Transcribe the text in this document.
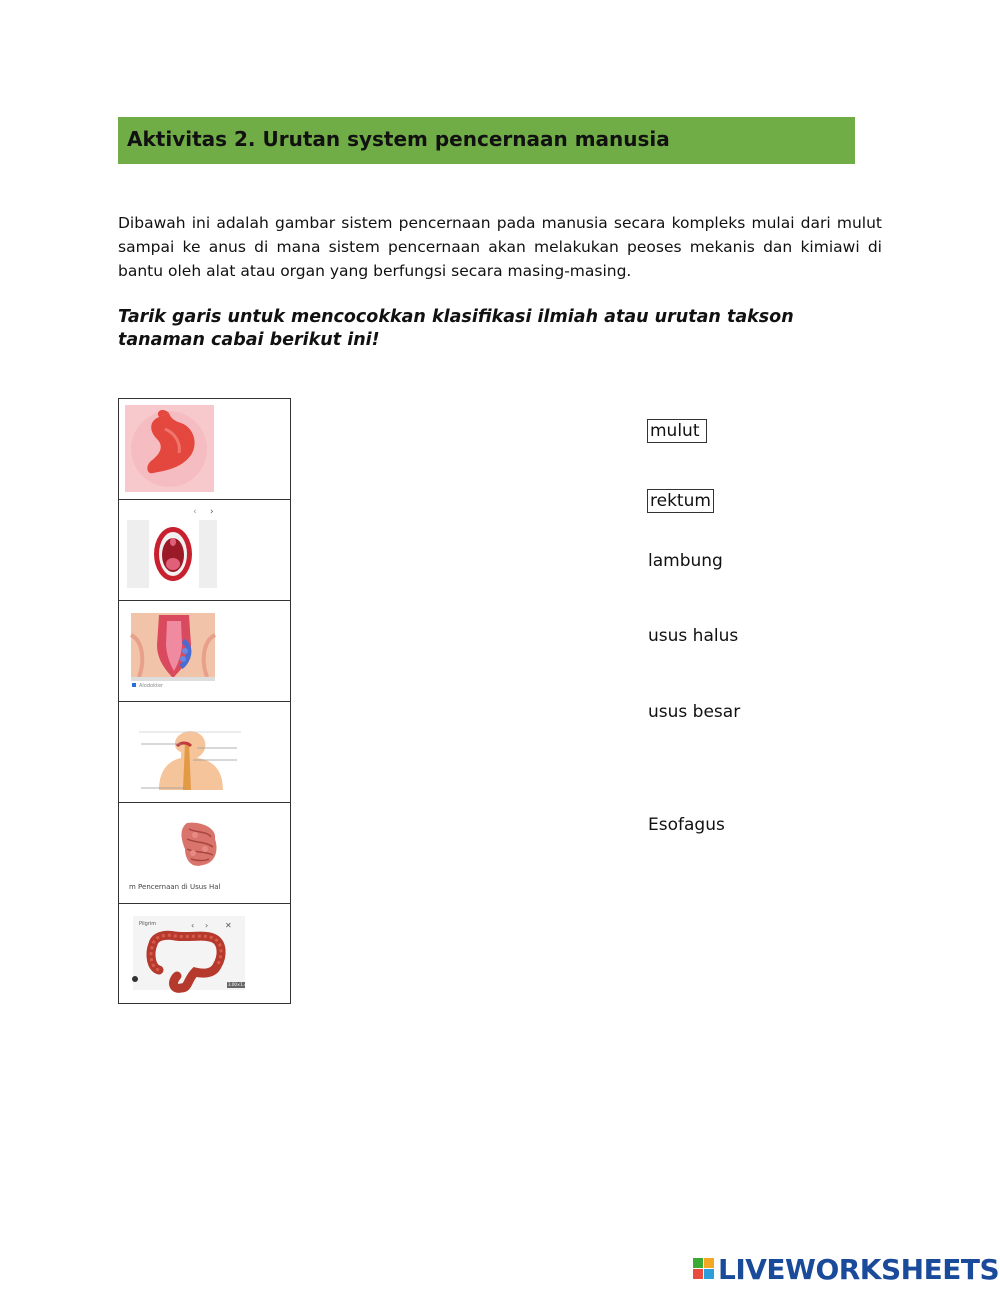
Aktivitas 2. Urutan system pencernaan manusia
Dibawah ini adalah gambar sistem pencernaan pada manusia secara kompleks mulai dari mulut sampai ke anus di mana sistem pencernaan akan melakukan peoses mekanis dan kimiawi di bantu oleh alat atau organ yang berfungsi secara masing-masing.
Tarik garis untuk mencocokkan klasifikasi ilmiah atau urutan takson tanaman cabai berikut ini!
‹ ›
Alodokter
m Pencernaan di Usus Hal
✕
‹ ›
Pilgrim
3.00×1.4
mulut
rektum
lambung
usus halus
usus besar
Esofagus
LIVEWORKSHEETS
